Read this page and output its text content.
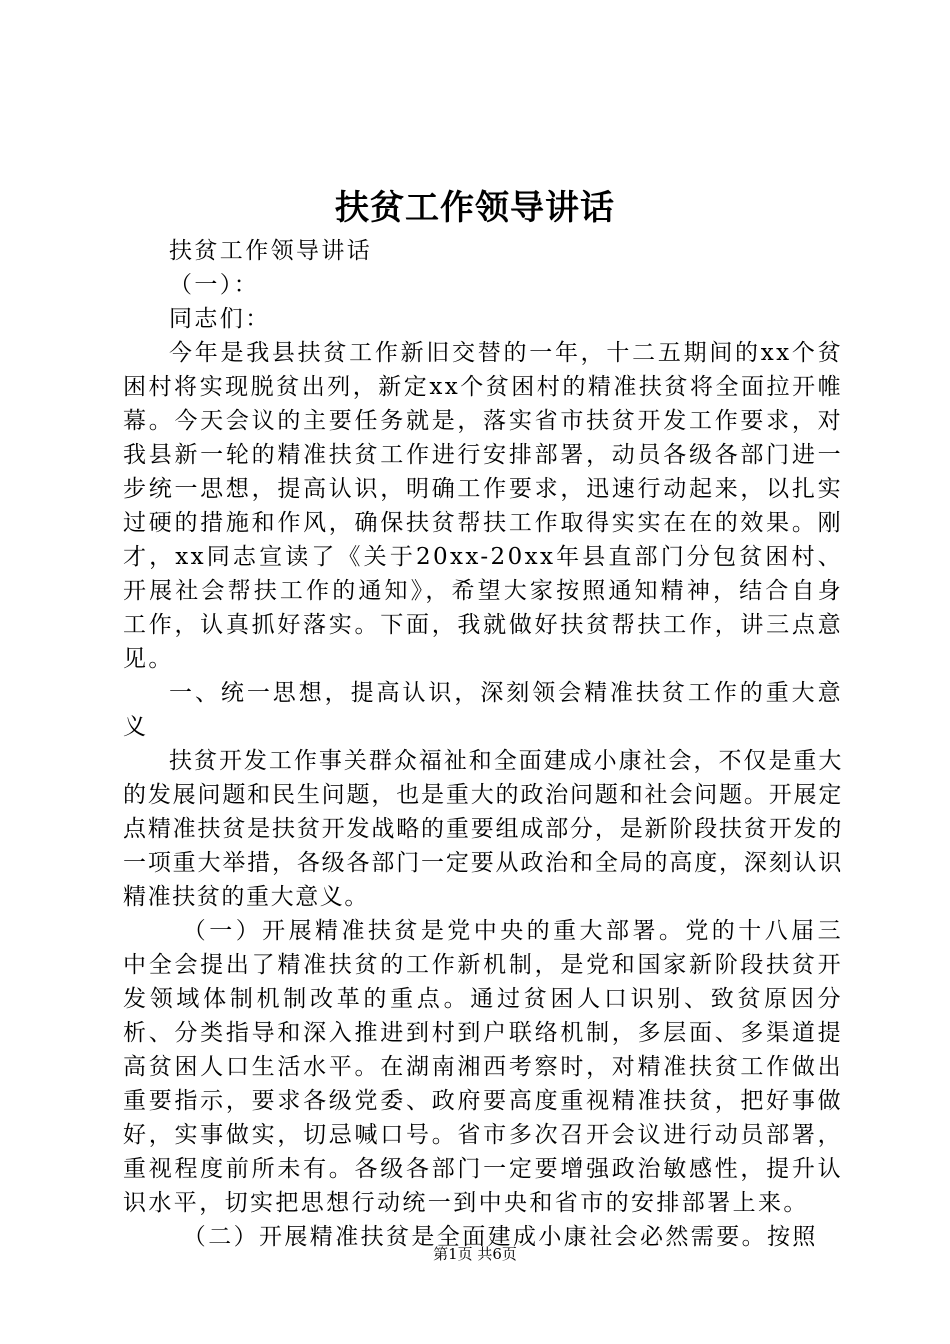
扶贫工作领导讲话

扶贫工作领导讲话

（一）：

同志们：

今年是我县扶贫工作新旧交替的一年，十二五期间的xx个贫困村将实现脱贫出列，新定xx个贫困村的精准扶贫将全面拉开帷幕。今天会议的主要任务就是，落实省市扶贫开发工作要求，对我县新一轮的精准扶贫工作进行安排部署，动员各级各部门进一步统一思想，提高认识，明确工作要求，迅速行动起来，以扎实过硬的措施和作风，确保扶贫帮扶工作取得实实在在的效果。刚才，xx同志宣读了《关于20xx-20xx年县直部门分包贫困村、开展社会帮扶工作的通知》，希望大家按照通知精神，结合自身工作，认真抓好落实。下面，我就做好扶贫帮扶工作，讲三点意见。

一、统一思想，提高认识，深刻领会精准扶贫工作的重大意义

扶贫开发工作事关群众福祉和全面建成小康社会，不仅是重大的发展问题和民生问题，也是重大的政治问题和社会问题。开展定点精准扶贫是扶贫开发战略的重要组成部分，是新阶段扶贫开发的一项重大举措，各级各部门一定要从政治和全局的高度，深刻认识精准扶贫的重大意义。

（一）开展精准扶贫是党中央的重大部署。党的十八届三中全会提出了精准扶贫的工作新机制，是党和国家新阶段扶贫开发领域体制机制改革的重点。通过贫困人口识别、致贫原因分析、分类指导和深入推进到村到户联络机制，多层面、多渠道提高贫困人口生活水平。在湖南湘西考察时，对精准扶贫工作做出重要指示，要求各级党委、政府要高度重视精准扶贫，把好事做好，实事做实，切忌喊口号。省市多次召开会议进行动员部署，重视程度前所未有。各级各部门一定要增强政治敏感性，提升认识水平，切实把思想行动统一到中央和省市的安排部署上来。

（二）开展精准扶贫是全面建成小康社会必然需要。按照

第1页 共6页
